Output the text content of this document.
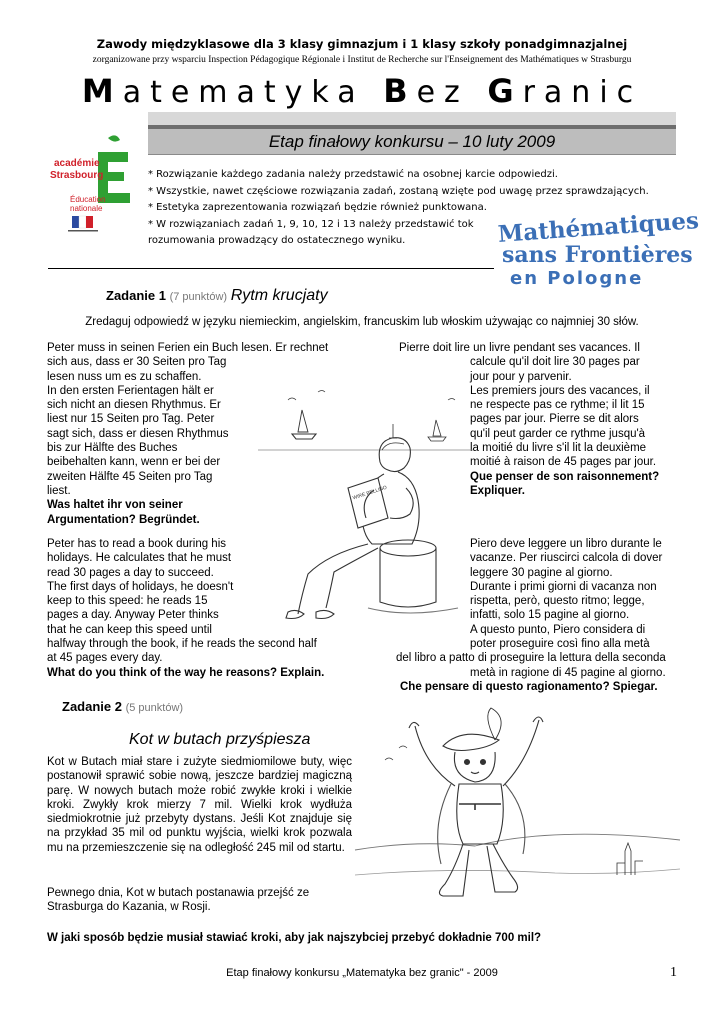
Zawody międzyklasowe dla 3 klasy gimnazjum i 1 klasy szkoły ponadgimnazjalnej
zorganizowane przy wsparciu Inspection Pédagogique Régionale i Institut de Recherche sur l'Enseignement des Mathématiques w Strasburgu
Matematyka Bez Granic
académie
Strasbourg
Éducation
nationale
Etap finałowy konkursu – 10 luty 2009

* Rozwiązanie każdego zadania należy przedstawić na osobnej karcie odpowiedzi.

* Wszystkie, nawet częściowe rozwiązania zadań, zostaną wzięte pod uwagę przez sprawdzających.

* Estetyka zaprezentowania rozwiązań będzie również punktowana.

* W rozwiązaniach zadań 1, 9, 10, 12 i 13 należy przedstawić tok

rozumowania prowadzący do ostatecznego wyniku.	Mathématiques
sans Frontières
en Pologne
Zadanie 1 (7 punktów) Rytm krucjaty
Zredaguj odpowiedź w języku niemieckim, angielskim, francuskim lub włoskim używając co najmniej 30 słów.

Peter muss in seinen Ferien ein Buch lesen. Er rechnet

sich aus, dass er 30 Seiten pro Tag

lesen nuss um es zu schaffen.

In den ersten Ferientagen hält er

sich nicht an diesen Rhythmus. Er

liest nur 15 Seiten pro Tag. Peter

sagt sich, dass er diesen Rhythmus

bis zur Hälfte des Buches

beibehalten kann, wenn er bei der

zweiten Hälfte 45 Seiten pro Tag

liest.

Was haltet ihr von seiner

Argumentation? Begründet.

Peter has to read a book during his

holidays. He calculates that he must

read 30 pages a day to succeed.

The first days of holidays, he doesn't

keep to this speed: he reads 15

pages a day. Anyway Peter thinks

that he can keep this speed until

halfway through the book, if he reads the second half

at 45 pages every day.

What do you think of the way he reasons? Explain.

Pierre doit lire un livre pendant ses vacances. Il

calcule qu'il doit lire 30 pages par

jour pour y parvenir.

Les premiers jours des vacances, il

ne respecte pas ce rythme; il lit 15

pages par jour. Pierre se dit alors

qu'il peut garder ce rythme jusqu'à

la moitié du livre s'il lit la deuxième

moitié à raison de 45 pages par jour.

Que penser de son raisonnement?

Expliquer.

Piero deve leggere un libro durante le

vacanze. Per riuscirci calcola di dover

leggere 30 pagine al giorno.

Durante i primi giorni di vacanza non

rispetta, però, questo ritmo; legge,

infatti, solo 15 pagine al giorno.

A questo punto, Piero considera di

poter proseguire così fino alla metà

del libro a patto di proseguire la lettura della seconda

metà in ragione di 45 pagine al giorno.

Che pensare di questo ragionamento? Spiegar.

WIRE PELLINO
Zadanie 2 (5 punktów)
Kot w butach przyśpiesza
Kot w Butach miał stare i zużyte siedmiomilowe buty, więc postanowił sprawić sobie nową, jeszcze bardziej magiczną parę. W nowych butach może robić zwykłe kroki i wielkie kroki. Zwykły krok mierzy 7 mil. Wielki krok wydłuża siedmiokrotnie już przebyty dystans. Jeśli Kot znajduje się na przykład 35 mil od punktu wyjścia, wielki krok pozwala mu na przemieszczenie się na odległość 245 mil od startu.
Pewnego dnia, Kot w butach postanawia przejść ze Strasburga do Kazania, w Rosji.
W jaki sposób będzie musiał stawiać kroki, aby jak najszybciej przebyć dokładnie 700 mil?
Etap finałowy konkursu „Matematyka bez granic" - 2009	1
